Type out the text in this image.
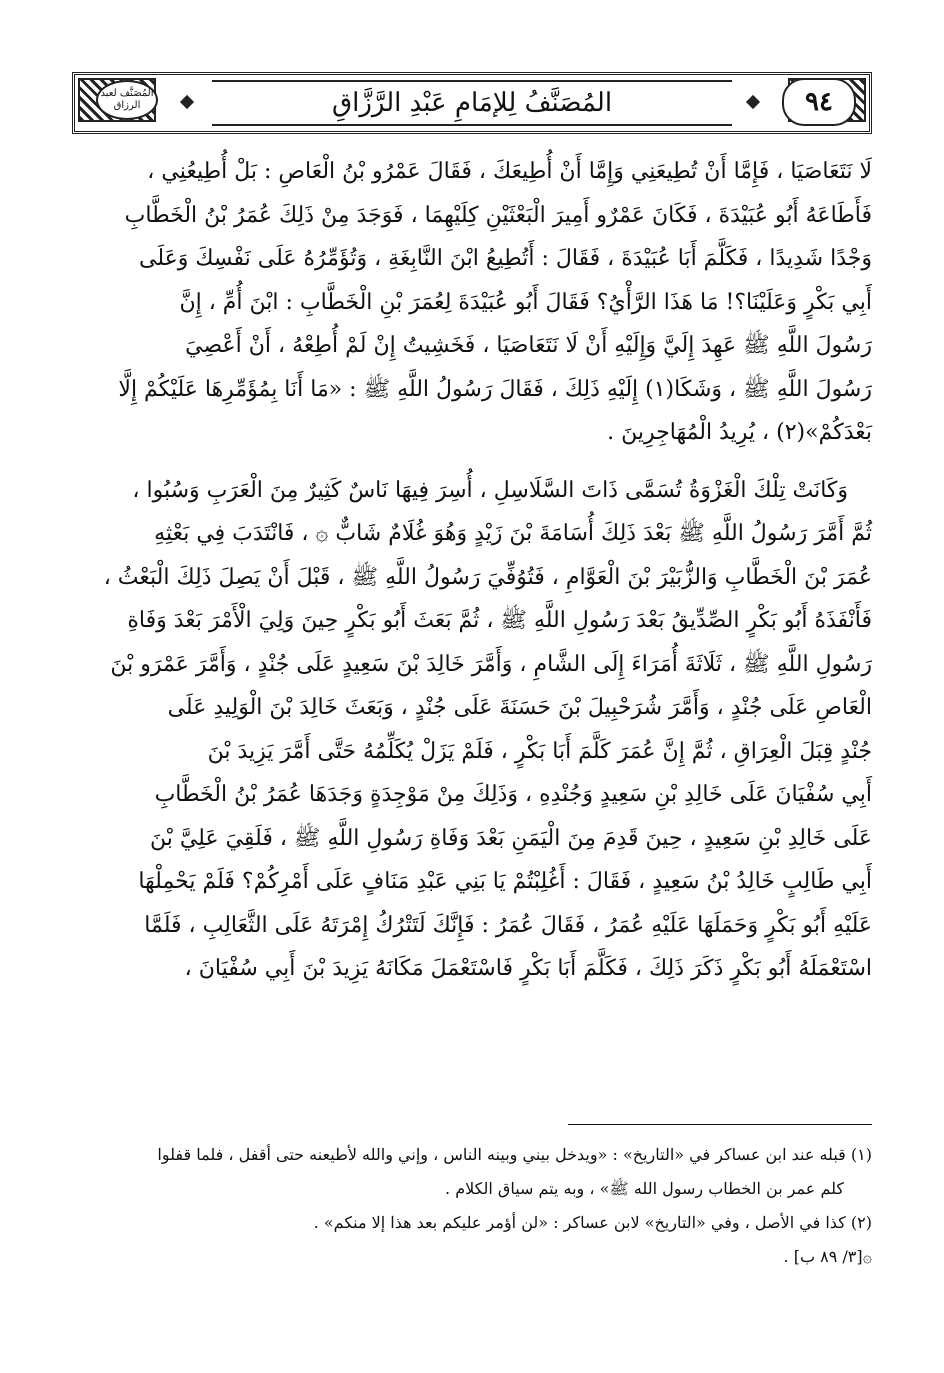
المُصَنَّف لعبد الرزاق	المُصَنَّفُ لِلإمَامِ عَبْدِ الرَّزَّاقِ	٩٤

لَا نَتَعَاصَيَا ، فَإِمَّا أَنْ تُطِيعَنِي وَإِمَّا أَنْ أُطِيعَكَ ، فَقَالَ عَمْرُو بْنُ الْعَاصِ : بَلْ أُطِيعُنِي ،

فَأَطَاعَهُ أَبُو عُبَيْدَةَ ، فَكَانَ عَمْرٌو أَمِيرَ الْبَعْثَيْنِ كِلَيْهِمَا ، فَوَجَدَ مِنْ ذَلِكَ عُمَرُ بْنُ الْخَطَّابِ

وَجْدًا شَدِيدًا ، فَكَلَّمَ أَبَا عُبَيْدَةَ ، فَقَالَ : أَتُطِيعُ ابْنَ النَّابِغَةِ ، وَتُؤَمِّرُهُ عَلَى نَفْسِكَ وَعَلَى

أَبِي بَكْرٍ وَعَلَيْنَا؟! مَا هَذَا الرَّأْيُ؟ فَقَالَ أَبُو عُبَيْدَةَ لِعُمَرَ بْنِ الْخَطَّابِ : ابْنَ أُمِّ ، إِنَّ

رَسُولَ اللَّهِ ﷺ عَهِدَ إِلَيَّ وَإِلَيْهِ أَنْ لَا نَتَعَاصَيَا ، فَخَشِيتُ إِنْ لَمْ أُطِعْهُ ، أَنْ أَعْصِيَ

رَسُولَ اللَّهِ ﷺ ، وَشَكَا(١) إِلَيْهِ ذَلِكَ ، فَقَالَ رَسُولُ اللَّهِ ﷺ : «مَا أَنَا بِمُؤَمِّرِهَا عَلَيْكُمْ إِلَّا

بَعْدَكُمْ»(٢) ، يُرِيدُ الْمُهَاجِرِينَ .

وَكَانَتْ تِلْكَ الْغَزْوَةُ تُسَمَّى ذَاتَ السَّلَاسِلِ ، أُسِرَ فِيهَا نَاسٌ كَثِيرٌ مِنَ الْعَرَبِ وَسُبُوا ،

ثُمَّ أَمَّرَ رَسُولُ اللَّهِ ﷺ بَعْدَ ذَلِكَ أُسَامَةَ بْنَ زَيْدٍ وَهُوَ غُلَامٌ شَابٌّ ۞ ، فَانْتَدَبَ فِي بَعْثِهِ

عُمَرَ بْنَ الْخَطَّابِ وَالزُّبَيْرَ بْنَ الْعَوَّامِ ، فَتُوُفِّيَ رَسُولُ اللَّهِ ﷺ ، قَبْلَ أَنْ يَصِلَ ذَلِكَ الْبَعْثُ ،

فَأَنْفَذَهُ أَبُو بَكْرٍ الصِّدِّيقُ بَعْدَ رَسُولِ اللَّهِ ﷺ ، ثُمَّ بَعَثَ أَبُو بَكْرٍ حِينَ وَلِيَ الْأَمْرَ بَعْدَ وَفَاةِ

رَسُولِ اللَّهِ ﷺ ، ثَلَاثَةَ أُمَرَاءَ إِلَى الشَّامِ ، وَأَمَّرَ خَالِدَ بْنَ سَعِيدٍ عَلَى جُنْدٍ ، وَأَمَّرَ عَمْرَو بْنَ

الْعَاصِ عَلَى جُنْدٍ ، وَأَمَّرَ شُرَحْبِيلَ بْنَ حَسَنَةَ عَلَى جُنْدٍ ، وَبَعَثَ خَالِدَ بْنَ الْوَلِيدِ عَلَى

جُنْدٍ قِبَلَ الْعِرَاقِ ، ثُمَّ إِنَّ عُمَرَ كَلَّمَ أَبَا بَكْرٍ ، فَلَمْ يَزَلْ يُكَلِّمُهُ حَتَّى أَمَّرَ يَزِيدَ بْنَ

أَبِي سُفْيَانَ عَلَى خَالِدِ بْنِ سَعِيدٍ وَجُنْدِهِ ، وَذَلِكَ مِنْ مَوْجِدَةٍ وَجَدَهَا عُمَرُ بْنُ الْخَطَّابِ

عَلَى خَالِدِ بْنِ سَعِيدٍ ، حِينَ قَدِمَ مِنَ الْيَمَنِ بَعْدَ وَفَاةِ رَسُولِ اللَّهِ ﷺ ، فَلَقِيَ عَلِيَّ بْنَ

أَبِي طَالِبٍ خَالِدُ بْنُ سَعِيدٍ ، فَقَالَ : أَغُلِبْتُمْ يَا بَنِي عَبْدِ مَنَافٍ عَلَى أَمْرِكُمْ؟ فَلَمْ يَحْمِلْهَا

عَلَيْهِ أَبُو بَكْرٍ وَحَمَلَهَا عَلَيْهِ عُمَرُ ، فَقَالَ عُمَرُ : فَإِنَّكَ لَتَتْرُكُ إِمْرَتَهُ عَلَى الثَّعَالِبِ ، فَلَمَّا

اسْتَعْمَلَهُ أَبُو بَكْرٍ ذَكَرَ ذَلِكَ ، فَكَلَّمَ أَبَا بَكْرٍ فَاسْتَعْمَلَ مَكَانَهُ يَزِيدَ بْنَ أَبِي سُفْيَانَ ،

(١) قبله عند ابن عساكر في «التاريخ» : «ويدخل بيني وبينه الناس ، وإني والله لأطيعنه حتى أقفل ، فلما قفلوا

كلم عمر بن الخطاب رسول الله ﷺ» ، وبه يتم سياق الكلام .

(٢) كذا في الأصل ، وفي «التاريخ» لابن عساكر : «لن أؤمر عليكم بعد هذا إلا منكم» .

۞[٣/ ٨٩ ب] .
